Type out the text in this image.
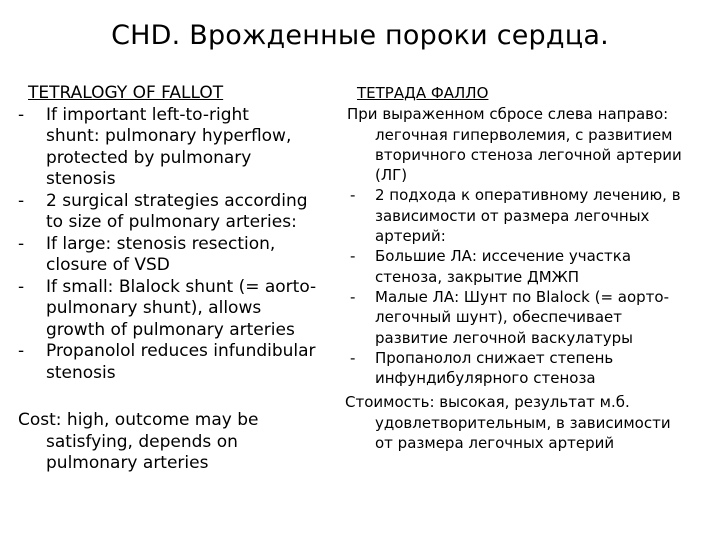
CHD. Врожденные пороки сердца.
TETRALOGY OF FALLOT
- If important left-to-right
shunt: pulmonary hyperflow,
protected by pulmonary
stenosis
- 2 surgical strategies according
to size of pulmonary arteries:
- If large: stenosis resection,
closure of VSD
- If small: Blalock shunt (= aorto-
pulmonary shunt), allows
growth of pulmonary arteries
- Propanolol reduces infundibular
stenosis
Cost: high, outcome may be
satisfying, depends on
pulmonary arteries
ТЕТРАДА ФАЛЛО
При выраженном сбросе слева направо:
легочная гиперволемия, с развитием
вторичного стеноза легочной артерии
(ЛГ)
- 2 подхода к оперативному лечению, в
зависимости от размера легочных
артерий:
- Большие ЛА: иссечение участка
стеноза, закрытие ДМЖП
- Малые ЛА: Шунт по Blalock (= аорто-
легочный шунт), обеспечивает
развитие легочной васкулатуры
- Пропанолол снижает степень
инфундибулярного стеноза
Стоимость: высокая, результат м.б.
удовлетворительным, в зависимости
от размера легочных артерий
